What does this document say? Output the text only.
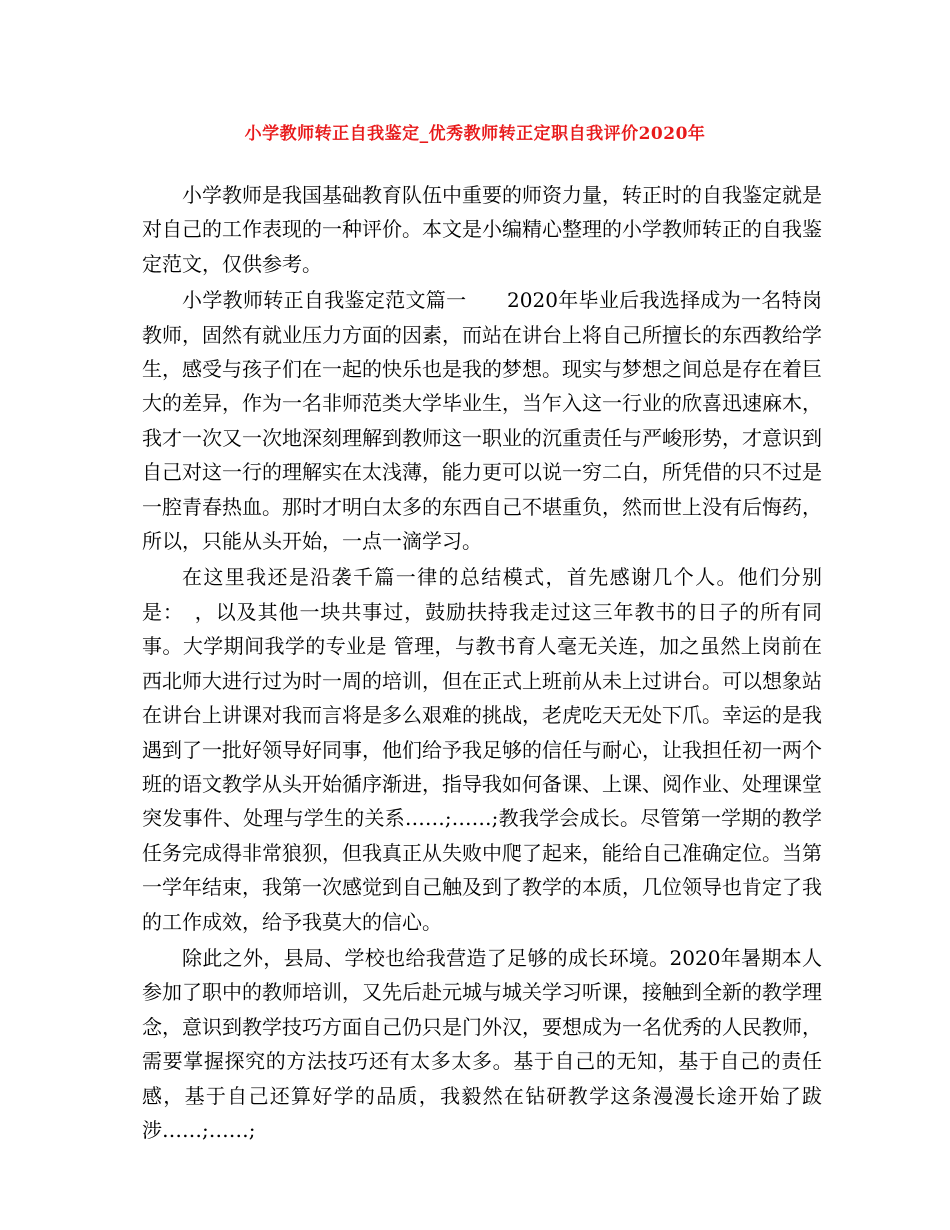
小学教师转正自我鉴定_优秀教师转正定职自我评价2020年

小学教师是我国基础教育队伍中重要的师资力量，转正时的自我鉴定就是对自己的工作表现的一种评价。本文是小编精心整理的小学教师转正的自我鉴定范文，仅供参考。

小学教师转正自我鉴定范文篇一　　2020年毕业后我选择成为一名特岗教师，固然有就业压力方面的因素，而站在讲台上将自己所擅长的东西教给学生，感受与孩子们在一起的快乐也是我的梦想。现实与梦想之间总是存在着巨大的差异，作为一名非师范类大学毕业生，当乍入这一行业的欣喜迅速麻木，我才一次又一次地深刻理解到教师这一职业的沉重责任与严峻形势，才意识到自己对这一行的理解实在太浅薄，能力更可以说一穷二白，所凭借的只不过是一腔青春热血。那时才明白太多的东西自己不堪重负，然而世上没有后悔药，所以，只能从头开始，一点一滴学习。

在这里我还是沿袭千篇一律的总结模式，首先感谢几个人。他们分别是：　，以及其他一块共事过，鼓励扶持我走过这三年教书的日子的所有同事。大学期间我学的专业是 管理，与教书育人毫无关连，加之虽然上岗前在西北师大进行过为时一周的培训，但在正式上班前从未上过讲台。可以想象站在讲台上讲课对我而言将是多么艰难的挑战，老虎吃天无处下爪。幸运的是我遇到了一批好领导好同事，他们给予我足够的信任与耐心，让我担任初一两个班的语文教学从头开始循序渐进，指导我如何备课、上课、阅作业、处理课堂突发事件、处理与学生的关系……;……;教我学会成长。尽管第一学期的教学任务完成得非常狼狈，但我真正从失败中爬了起来，能给自己准确定位。当第一学年结束，我第一次感觉到自己触及到了教学的本质，几位领导也肯定了我的工作成效，给予我莫大的信心。

除此之外，县局、学校也给我营造了足够的成长环境。2020年暑期本人参加了职中的教师培训，又先后赴元城与城关学习听课，接触到全新的教学理念，意识到教学技巧方面自己仍只是门外汉，要想成为一名优秀的人民教师，需要掌握探究的方法技巧还有太多太多。基于自己的无知，基于自己的责任感，基于自己还算好学的品质，我毅然在钻研教学这条漫漫长途开始了跋涉……;……;
